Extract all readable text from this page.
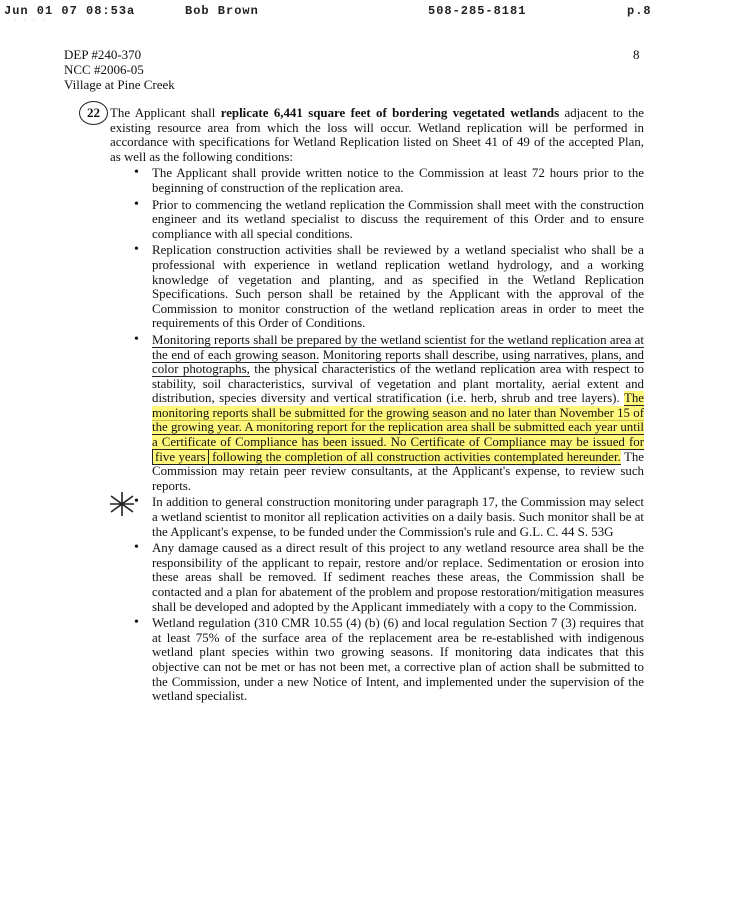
Jun 01 07 08:53a	Bob Brown	508-285-8181	p.8
· · · ·
DEP #240-370
NCC #2006-05
Village at Pine Creek
8
22 The Applicant shall replicate 6,441 square feet of bordering vegetated wetlands adjacent to the existing resource area from which the loss will occur. Wetland replication will be performed in accordance with specifications for Wetland Replication listed on Sheet 41 of 49 of the accepted Plan, as well as the following conditions:

• The Applicant shall provide written notice to the Commission at least 72 hours prior to the beginning of construction of the replication area.
• Prior to commencing the wetland replication the Commission shall meet with the construction engineer and its wetland specialist to discuss the requirement of this Order and to ensure compliance with all special conditions.
• Replication construction activities shall be reviewed by a wetland specialist who shall be a professional with experience in wetland replication wetland hydrology, and a working knowledge of vegetation and planting, and as specified in the Wetland Replication Specifications. Such person shall be retained by the Applicant with the approval of the Commission to monitor construction of the wetland replication areas in order to meet the requirements of this Order of Conditions.
• Monitoring reports shall be prepared by the wetland scientist for the wetland replication area at the end of each growing season. Monitoring reports shall describe, using narratives, plans, and color photographs, the physical characteristics of the wetland replication area with respect to stability, soil characteristics, survival of vegetation and plant mortality, aerial extent and distribution, species diversity and vertical stratification (i.e. herb, shrub and tree layers). The monitoring reports shall be submitted for the growing season and no later than November 15 of the growing year. A monitoring report for the replication area shall be submitted each year until a Certificate of Compliance has been issued. No Certificate of Compliance may be issued for five years following the completion of all construction activities contemplated hereunder. The Commission may retain peer review consultants, at the Applicant's expense, to review such reports.
• In addition to general construction monitoring under paragraph 17, the Commission may select a wetland scientist to monitor all replication activities on a daily basis. Such monitor shall be at the Applicant's expense, to be funded under the Commission's rule and G.L. C. 44 S. 53G
• Any damage caused as a direct result of this project to any wetland resource area shall be the responsibility of the applicant to repair, restore and/or replace. Sedimentation or erosion into these areas shall be removed. If sediment reaches these areas, the Commission shall be contacted and a plan for abatement of the problem and propose restoration/mitigation measures shall be developed and adopted by the Applicant immediately with a copy to the Commission.
• Wetland regulation (310 CMR 10.55 (4) (b) (6) and local regulation Section 7 (3) requires that at least 75% of the surface area of the replacement area be re-established with indigenous wetland plant species within two growing seasons. If monitoring data indicates that this objective can not be met or has not been met, a corrective plan of action shall be submitted to the Commission, under a new Notice of Intent, and implemented under the supervision of the wetland specialist.
